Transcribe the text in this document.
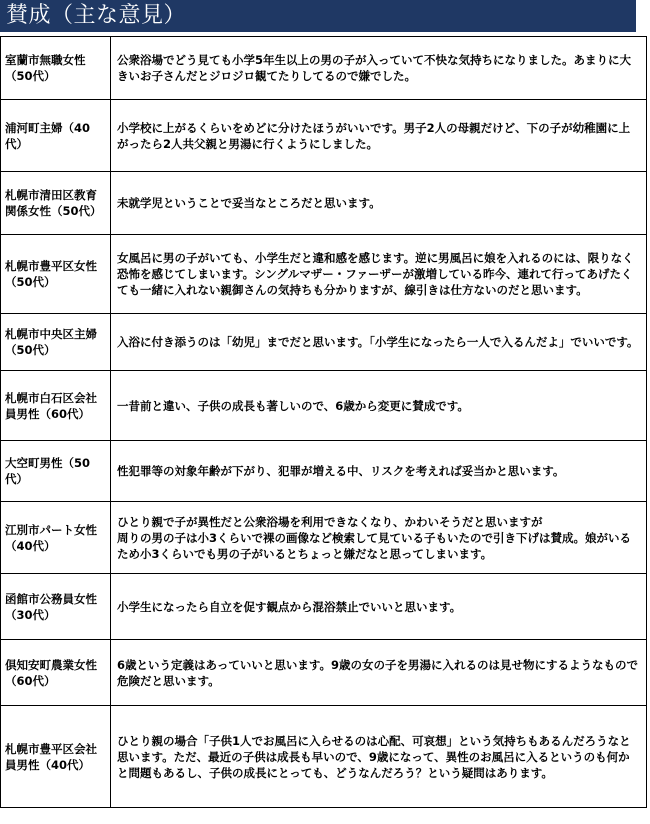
賛成（主な意見）
室蘭市無職女性（50代）	公衆浴場でどう見ても小学5年生以上の男の子が入っていて不快な気持ちになりました。あまりに大きいお子さんだとジロジロ観てたりしてるので嫌でした。
浦河町主婦（40代）	小学校に上がるくらいをめどに分けたほうがいいです。男子2人の母親だけど、下の子が幼稚園に上がったら2人共父親と男湯に行くようにしました。
札幌市清田区教育関係女性（50代）	未就学児ということで妥当なところだと思います。
札幌市豊平区女性（50代）	女風呂に男の子がいても、小学生だと違和感を感じます。逆に男風呂に娘を入れるのには、限りなく恐怖を感じてしまいます。シングルマザー・ファーザーが激増している昨今、連れて行ってあげたくても一緒に入れない親御さんの気持ちも分かりますが、線引きは仕方ないのだと思います。
札幌市中央区主婦（50代）	入浴に付き添うのは「幼児」までだと思います。「小学生になったら一人で入るんだよ」でいいです。
札幌市白石区会社員男性（60代）	一昔前と違い、子供の成長も著しいので、6歳から変更に賛成です。
大空町男性（50代）	性犯罪等の対象年齢が下がり、犯罪が増える中、リスクを考えれば妥当かと思います。
江別市パート女性（40代）	ひとり親で子が異性だと公衆浴場を利用できなくなり、かわいそうだと思いますが
周りの男の子は小3くらいで裸の画像など検索して見ている子もいたので引き下げは賛成。娘がいるため小3くらいでも男の子がいるとちょっと嫌だなと思ってしまいます。
函館市公務員女性（30代）	小学生になったら自立を促す観点から混浴禁止でいいと思います。
倶知安町農業女性（60代）	6歳という定義はあっていいと思います。9歳の女の子を男湯に入れるのは見せ物にするようなもので危険だと思います。
札幌市豊平区会社員男性（40代）	ひとり親の場合「子供1人でお風呂に入らせるのは心配、可哀想」という気持ちもあるんだろうなと思います。ただ、最近の子供は成長も早いので、9歳になって、異性のお風呂に入るというのも何かと問題もあるし、子供の成長にとっても、どうなんだろう？という疑問はあります。
